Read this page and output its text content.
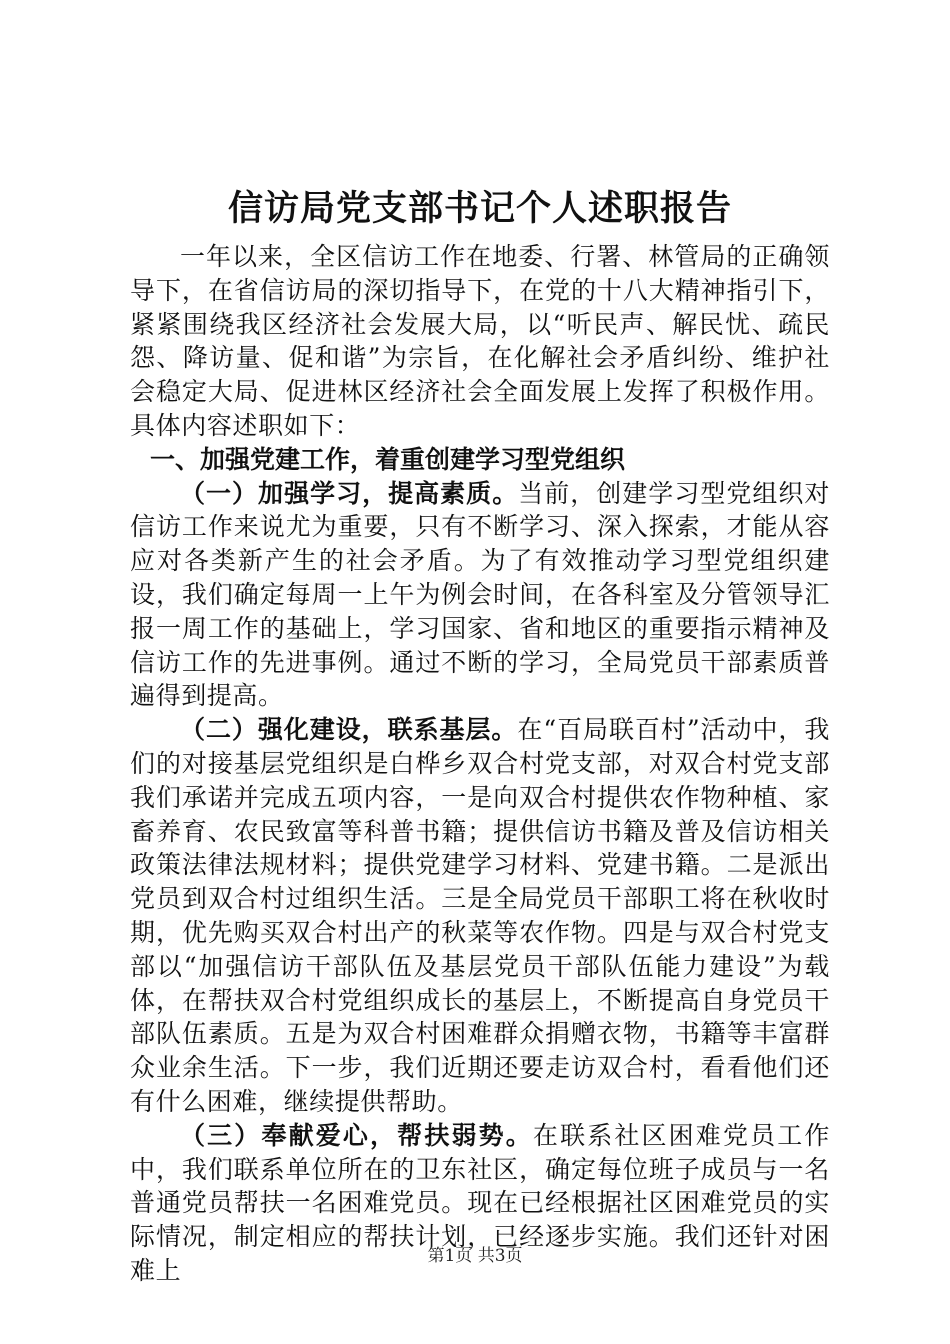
信访局党支部书记个人述职报告

一年以来，全区信访工作在地委、行署、林管局的正确领导下，在省信访局的深切指导下，在党的十八大精神指引下，紧紧围绕我区经济社会发展大局，以“听民声、解民忧、疏民怨、降访量、促和谐”为宗旨，在化解社会矛盾纠纷、维护社会稳定大局、促进林区经济社会全面发展上发挥了积极作用。具体内容述职如下：

一、加强党建工作，着重创建学习型党组织

（一）加强学习，提高素质。当前，创建学习型党组织对信访工作来说尤为重要，只有不断学习、深入探索，才能从容应对各类新产生的社会矛盾。为了有效推动学习型党组织建设，我们确定每周一上午为例会时间，在各科室及分管领导汇报一周工作的基础上，学习国家、省和地区的重要指示精神及信访工作的先进事例。通过不断的学习，全局党员干部素质普遍得到提高。

（二）强化建设，联系基层。在“百局联百村”活动中，我们的对接基层党组织是白桦乡双合村党支部，对双合村党支部我们承诺并完成五项内容，一是向双合村提供农作物种植、家畜养育、农民致富等科普书籍；提供信访书籍及普及信访相关政策法律法规材料；提供党建学习材料、党建书籍。二是派出党员到双合村过组织生活。三是全局党员干部职工将在秋收时期，优先购买双合村出产的秋菜等农作物。四是与双合村党支部以“加强信访干部队伍及基层党员干部队伍能力建设”为载体，在帮扶双合村党组织成长的基层上，不断提高自身党员干部队伍素质。五是为双合村困难群众捐赠衣物，书籍等丰富群众业余生活。下一步，我们近期还要走访双合村，看看他们还有什么困难，继续提供帮助。

（三）奉献爱心，帮扶弱势。在联系社区困难党员工作中，我们联系单位所在的卫东社区，确定每位班子成员与一名普通党员帮扶一名困难党员。现在已经根据社区困难党员的实际情况，制定相应的帮扶计划，已经逐步实施。我们还针对困难上	第1页 共3页
